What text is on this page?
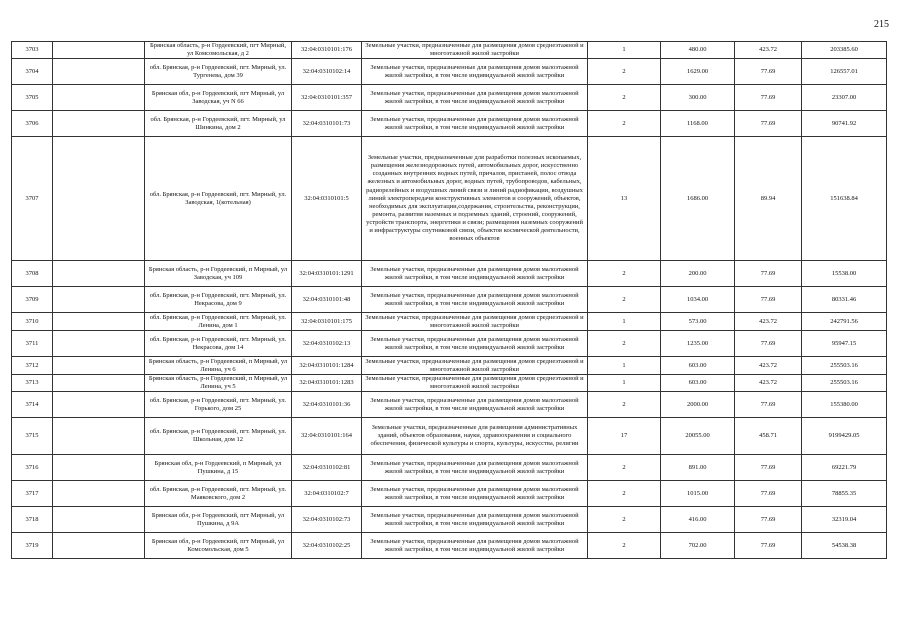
215
3703		Брянская область, р-н Гордеевский, пгт Мирный, ул Комсомольская, д 2	32:04:0310101:176	Земельные участки, предназначенные для размещения домов среднеэтажной и многоэтажной жилой застройки	1	480.00	423.72	203385.60
3704		обл. Брянская, р-н Гордеевский, пгт. Мирный, ул. Тургенева, дом 39	32:04:0310102:14	Земельные участки, предназначенные для размещения домов малоэтажной жилой застройки, в том числе индивидуальной жилой застройки	2	1629.00	77.69	126557.01
3705		Брянская обл, р-н Гордеевский, пгт Мирный, ул Заводская, уч N 66	32:04:0310101:357	Земельные участки, предназначенные для размещения домов малоэтажной жилой застройки, в том числе индивидуальной жилой застройки	2	300.00	77.69	23307.00
3706		обл. Брянская, р-н Гордеевский, пгт. Мирный, ул Шинкина, дом 2	32:04:0310101:73	Земельные участки, предназначенные для размещения домов малоэтажной жилой застройки, в том числе индивидуальной жилой застройки	2	1168.00	77.69	90741.92
3707		обл. Брянская, р-н Гордеевский, пгт. Мирный, ул. Заводская, 1(котельная)	32:04:0310101:5	Земельные участки, предназначенные для разработки полезных ископаемых, размещения железнодорожных путей, автомобильных дорог, искусственно созданных внутренних водных путей, причалов, пристаней, полос отвода железных и автомобильных дорог, водных путей, трубопроводов, кабельных, радиорелейных и воздушных линий связи и линий радиофикации, воздушных линий электропередачи конструктивных элементов и сооружений, объектов, необходимых для эксплуатации,содержания, строительства, реконструкции, ремонта, развития наземных и подземных зданий, строений, сооружений, устройств транспорта, энергетики и связи; размещения наземных сооружений и инфраструктуры спутниковой связи, объектов космической деятельности, военных объектов	13	1686.00	89.94	151638.84
3708		Брянская область, р-н Гордеевский, п Мирный, ул Заводская, уч 109	32:04:0310101:1291	Земельные участки, предназначенные для размещения домов малоэтажной жилой застройки, в том числе индивидуальной жилой застройки	2	200.00	77.69	15538.00
3709		обл. Брянская, р-н Гордеевский, пгт. Мирный, ул. Некрасова, дом 9	32:04:0310101:48	Земельные участки, предназначенные для размещения домов малоэтажной жилой застройки, в том числе индивидуальной жилой застройки	2	1034.00	77.69	80331.46
3710		обл. Брянская, р-н Гордеевский, пгт. Мирный, ул. Ленина, дом 1	32:04:0310101:175	Земельные участки, предназначенные для размещения домов среднеэтажной и многоэтажной жилой застройки	1	573.00	423.72	242791.56
3711		обл. Брянская, р-н Гордеевский, пгт. Мирный, ул. Некрасова, дом 14	32:04:0310102:13	Земельные участки, предназначенные для размещения домов малоэтажной жилой застройки, в том числе индивидуальной жилой застройки	2	1235.00	77.69	95947.15
3712		Брянская область, р-н Гордеевский, п Мирный, ул Ленина, уч 6	32:04:0310101:1284	Земельные участки, предназначенные для размещения домов среднеэтажной и многоэтажной жилой застройки	1	603.00	423.72	255503.16
3713		Брянская область, р-н Гордеевский, п Мирный, ул Ленина, уч 5	32:04:0310101:1283	Земельные участки, предназначенные для размещения домов среднеэтажной и многоэтажной жилой застройки	1	603.00	423.72	255503.16
3714		обл. Брянская, р-н Гордеевский, пгт. Мирный, ул. Горького, дом 25	32:04:0310101:36	Земельные участки, предназначенные для размещения домов малоэтажной жилой застройки, в том числе индивидуальной жилой застройки	2	2000.00	77.69	155380.00
3715		обл. Брянская, р-н Гордеевский, пгт. Мирный, ул. Школьная, дом 12	32:04:0310101:164	Земельные участки, предназначенные для размещения административных зданий, объектов образования, науки, здравоохранения и социального обеспечения, физической культуры и спорта, культуры, искусства, религии	17	20055.00	458.71	9199429.05
3716		Брянская обл, р-н Гордеевский, п Мирный, ул Пушкина, д 15	32:04:0310102:81	Земельные участки, предназначенные для размещения домов малоэтажной жилой застройки, в том числе индивидуальной жилой застройки	2	891.00	77.69	69221.79
3717		обл. Брянская, р-н Гордеевский, пгт. Мирный, ул. Маяковского, дом 2	32:04:0310102:7	Земельные участки, предназначенные для размещения домов малоэтажной жилой застройки, в том числе индивидуальной жилой застройки	2	1015.00	77.69	78855.35
3718		Брянская обл, р-н Гордеевский, пгт Мирный, ул Пушкина, д 9А	32:04:0310102:73	Земельные участки, предназначенные для размещения домов малоэтажной жилой застройки, в том числе индивидуальной жилой застройки	2	416.00	77.69	32319.04
3719		Брянская обл, р-н Гордеевский, пгт Мирный, ул Комсомольская, дом 5	32:04:0310102:25	Земельные участки, предназначенные для размещения домов малоэтажной жилой застройки, в том числе индивидуальной жилой застройки	2	702.00	77.69	54538.38
